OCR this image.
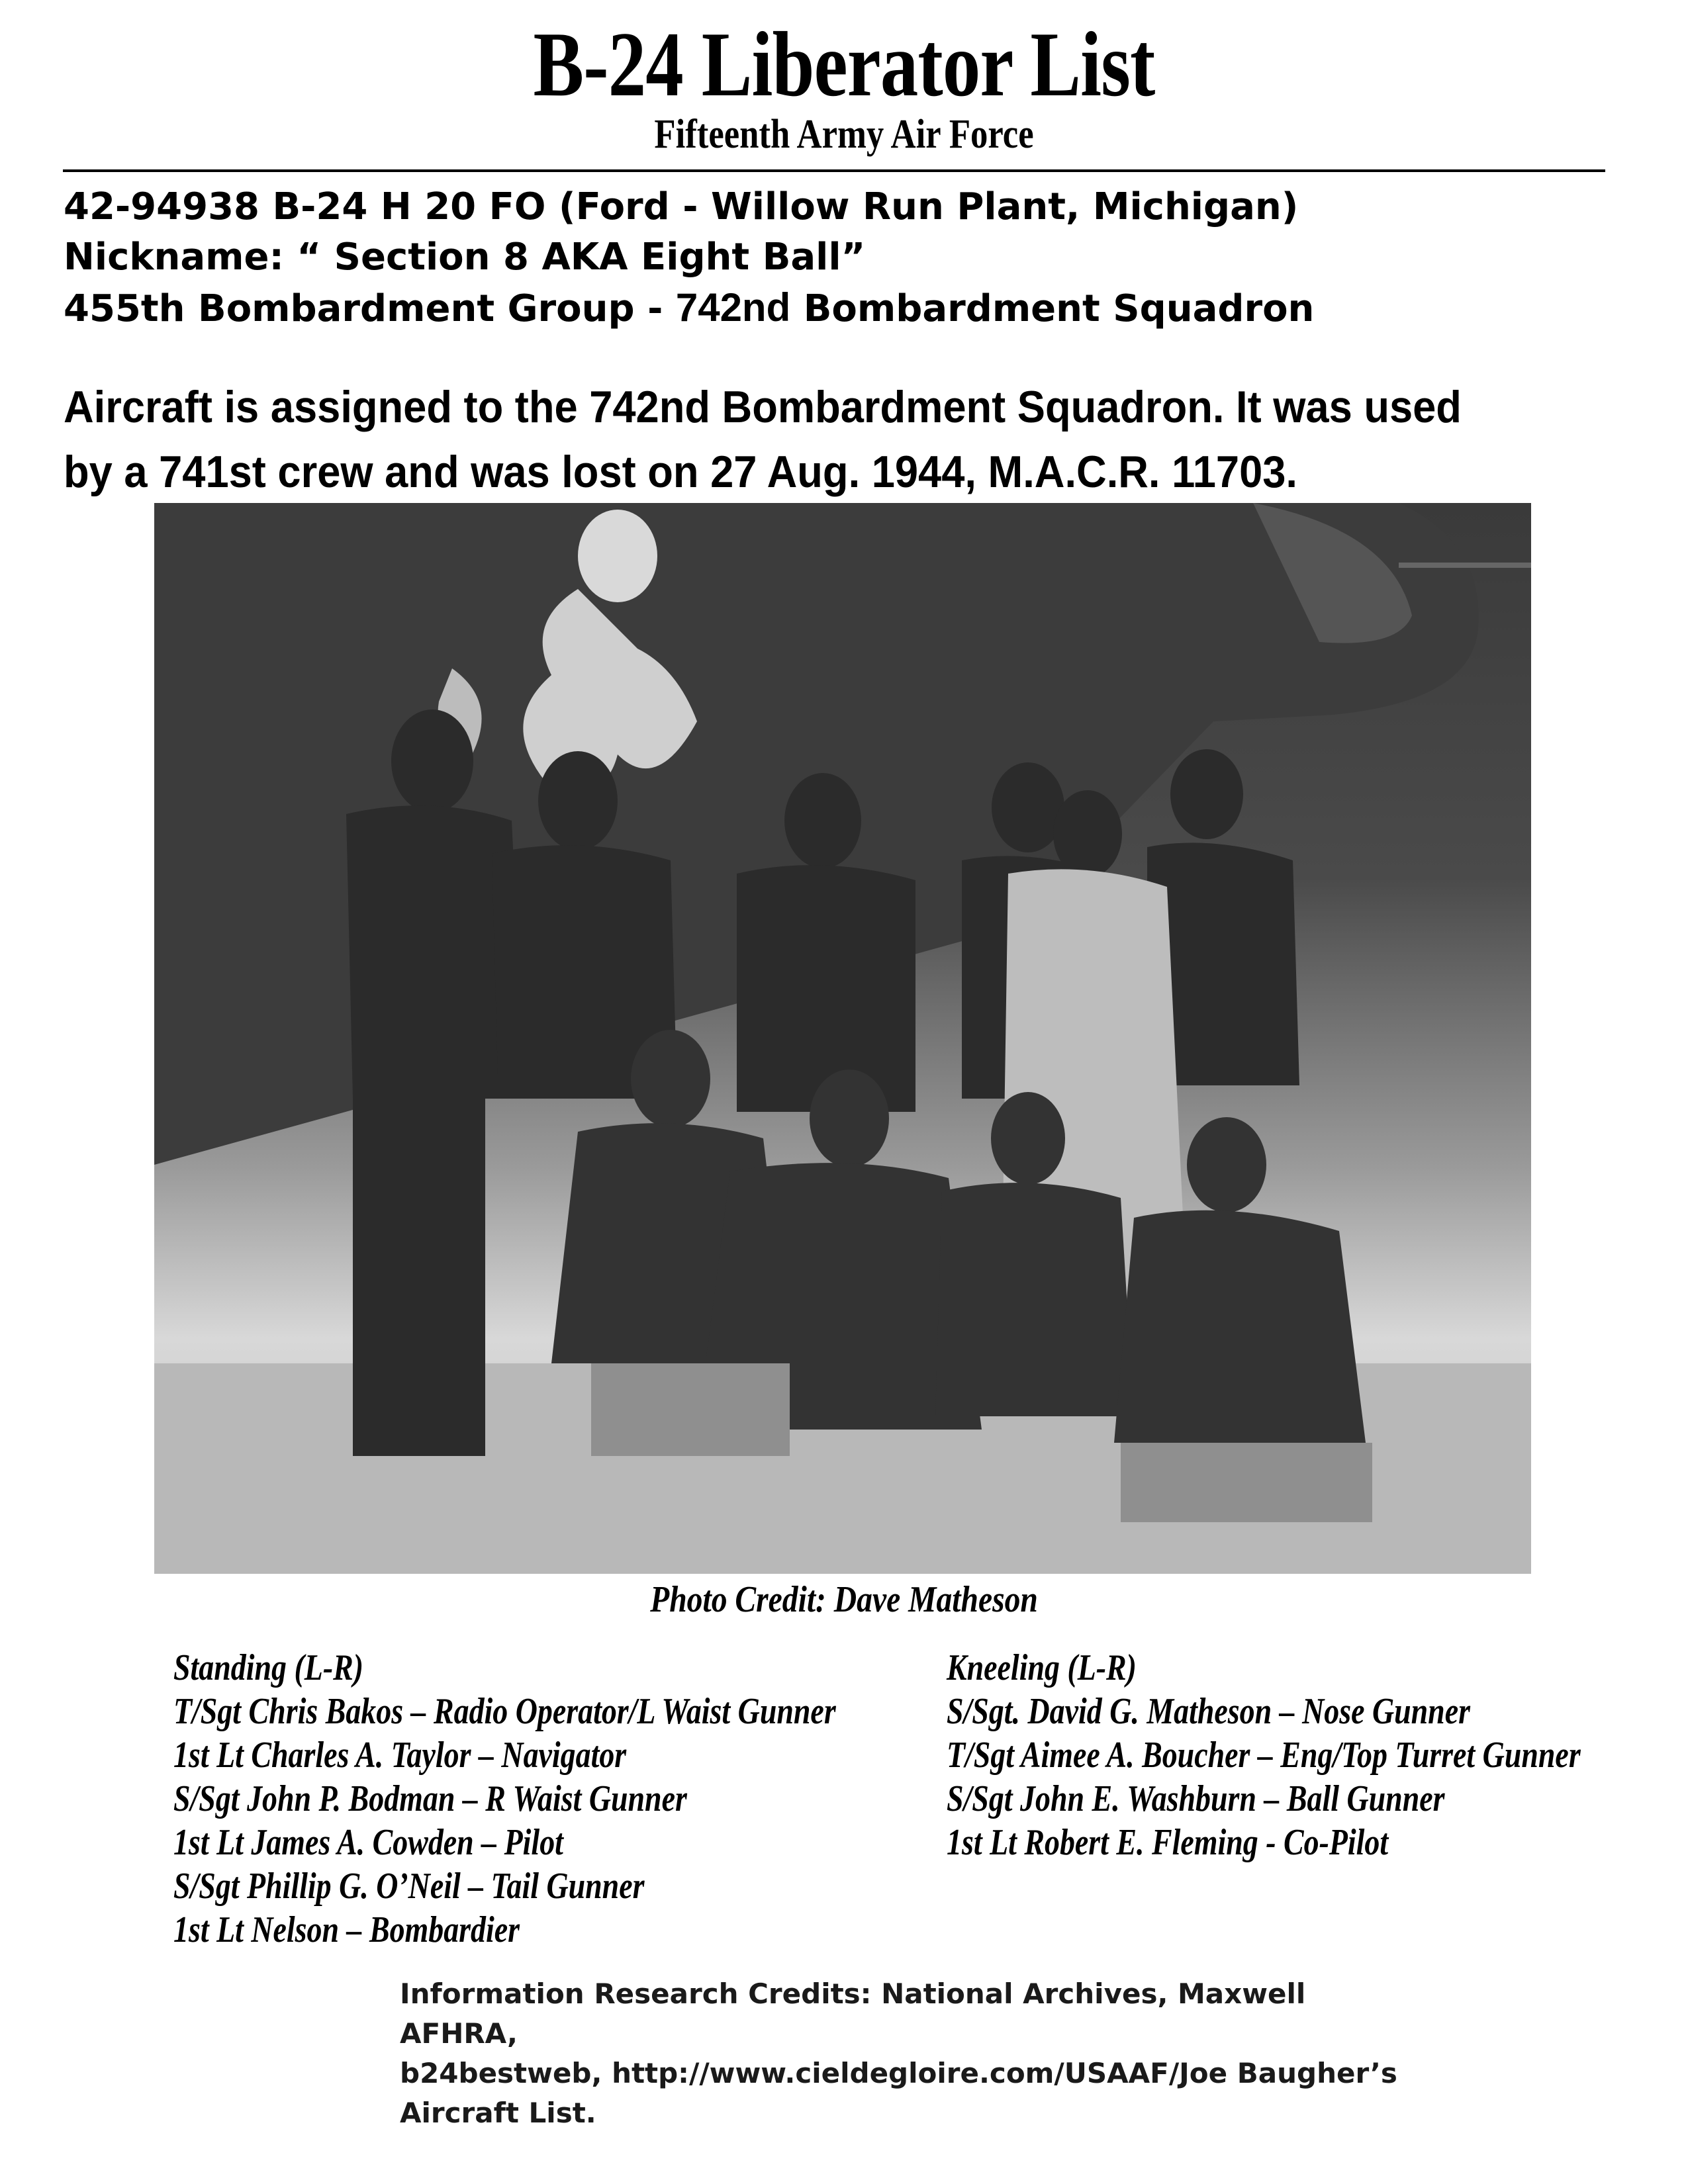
B-24 Liberator List
Fifteenth Army Air Force
42-94938 B-24 H 20 FO (Ford - Willow Run Plant, Michigan)
Nickname: “ Section 8 AKA Eight Ball”
455th Bombardment Group - 742nd Bombardment Squadron
Aircraft is assigned to the 742nd Bombardment Squadron. It was used by a 741st crew and was lost on 27 Aug. 1944, M.A.C.R. 11703.
Photo Credit: Dave Matheson
Standing (L-R)
T/Sgt Chris Bakos – Radio Operator/L Waist Gunner
1st Lt Charles A. Taylor – Navigator
S/Sgt John P. Bodman – R Waist Gunner
1st Lt James A. Cowden – Pilot
S/Sgt Phillip G. O’Neil – Tail Gunner
1st Lt Nelson – Bombardier
Kneeling (L-R)
S/Sgt. David G. Matheson – Nose Gunner
T/Sgt Aimee A. Boucher – Eng/Top Turret Gunner
S/Sgt John E. Washburn – Ball Gunner
1st Lt Robert E. Fleming - Co-Pilot
Information Research Credits: National Archives, Maxwell AFHRA,
b24bestweb, http://www.cieldegloire.com/USAAF/Joe Baugher’s
Aircraft List.
